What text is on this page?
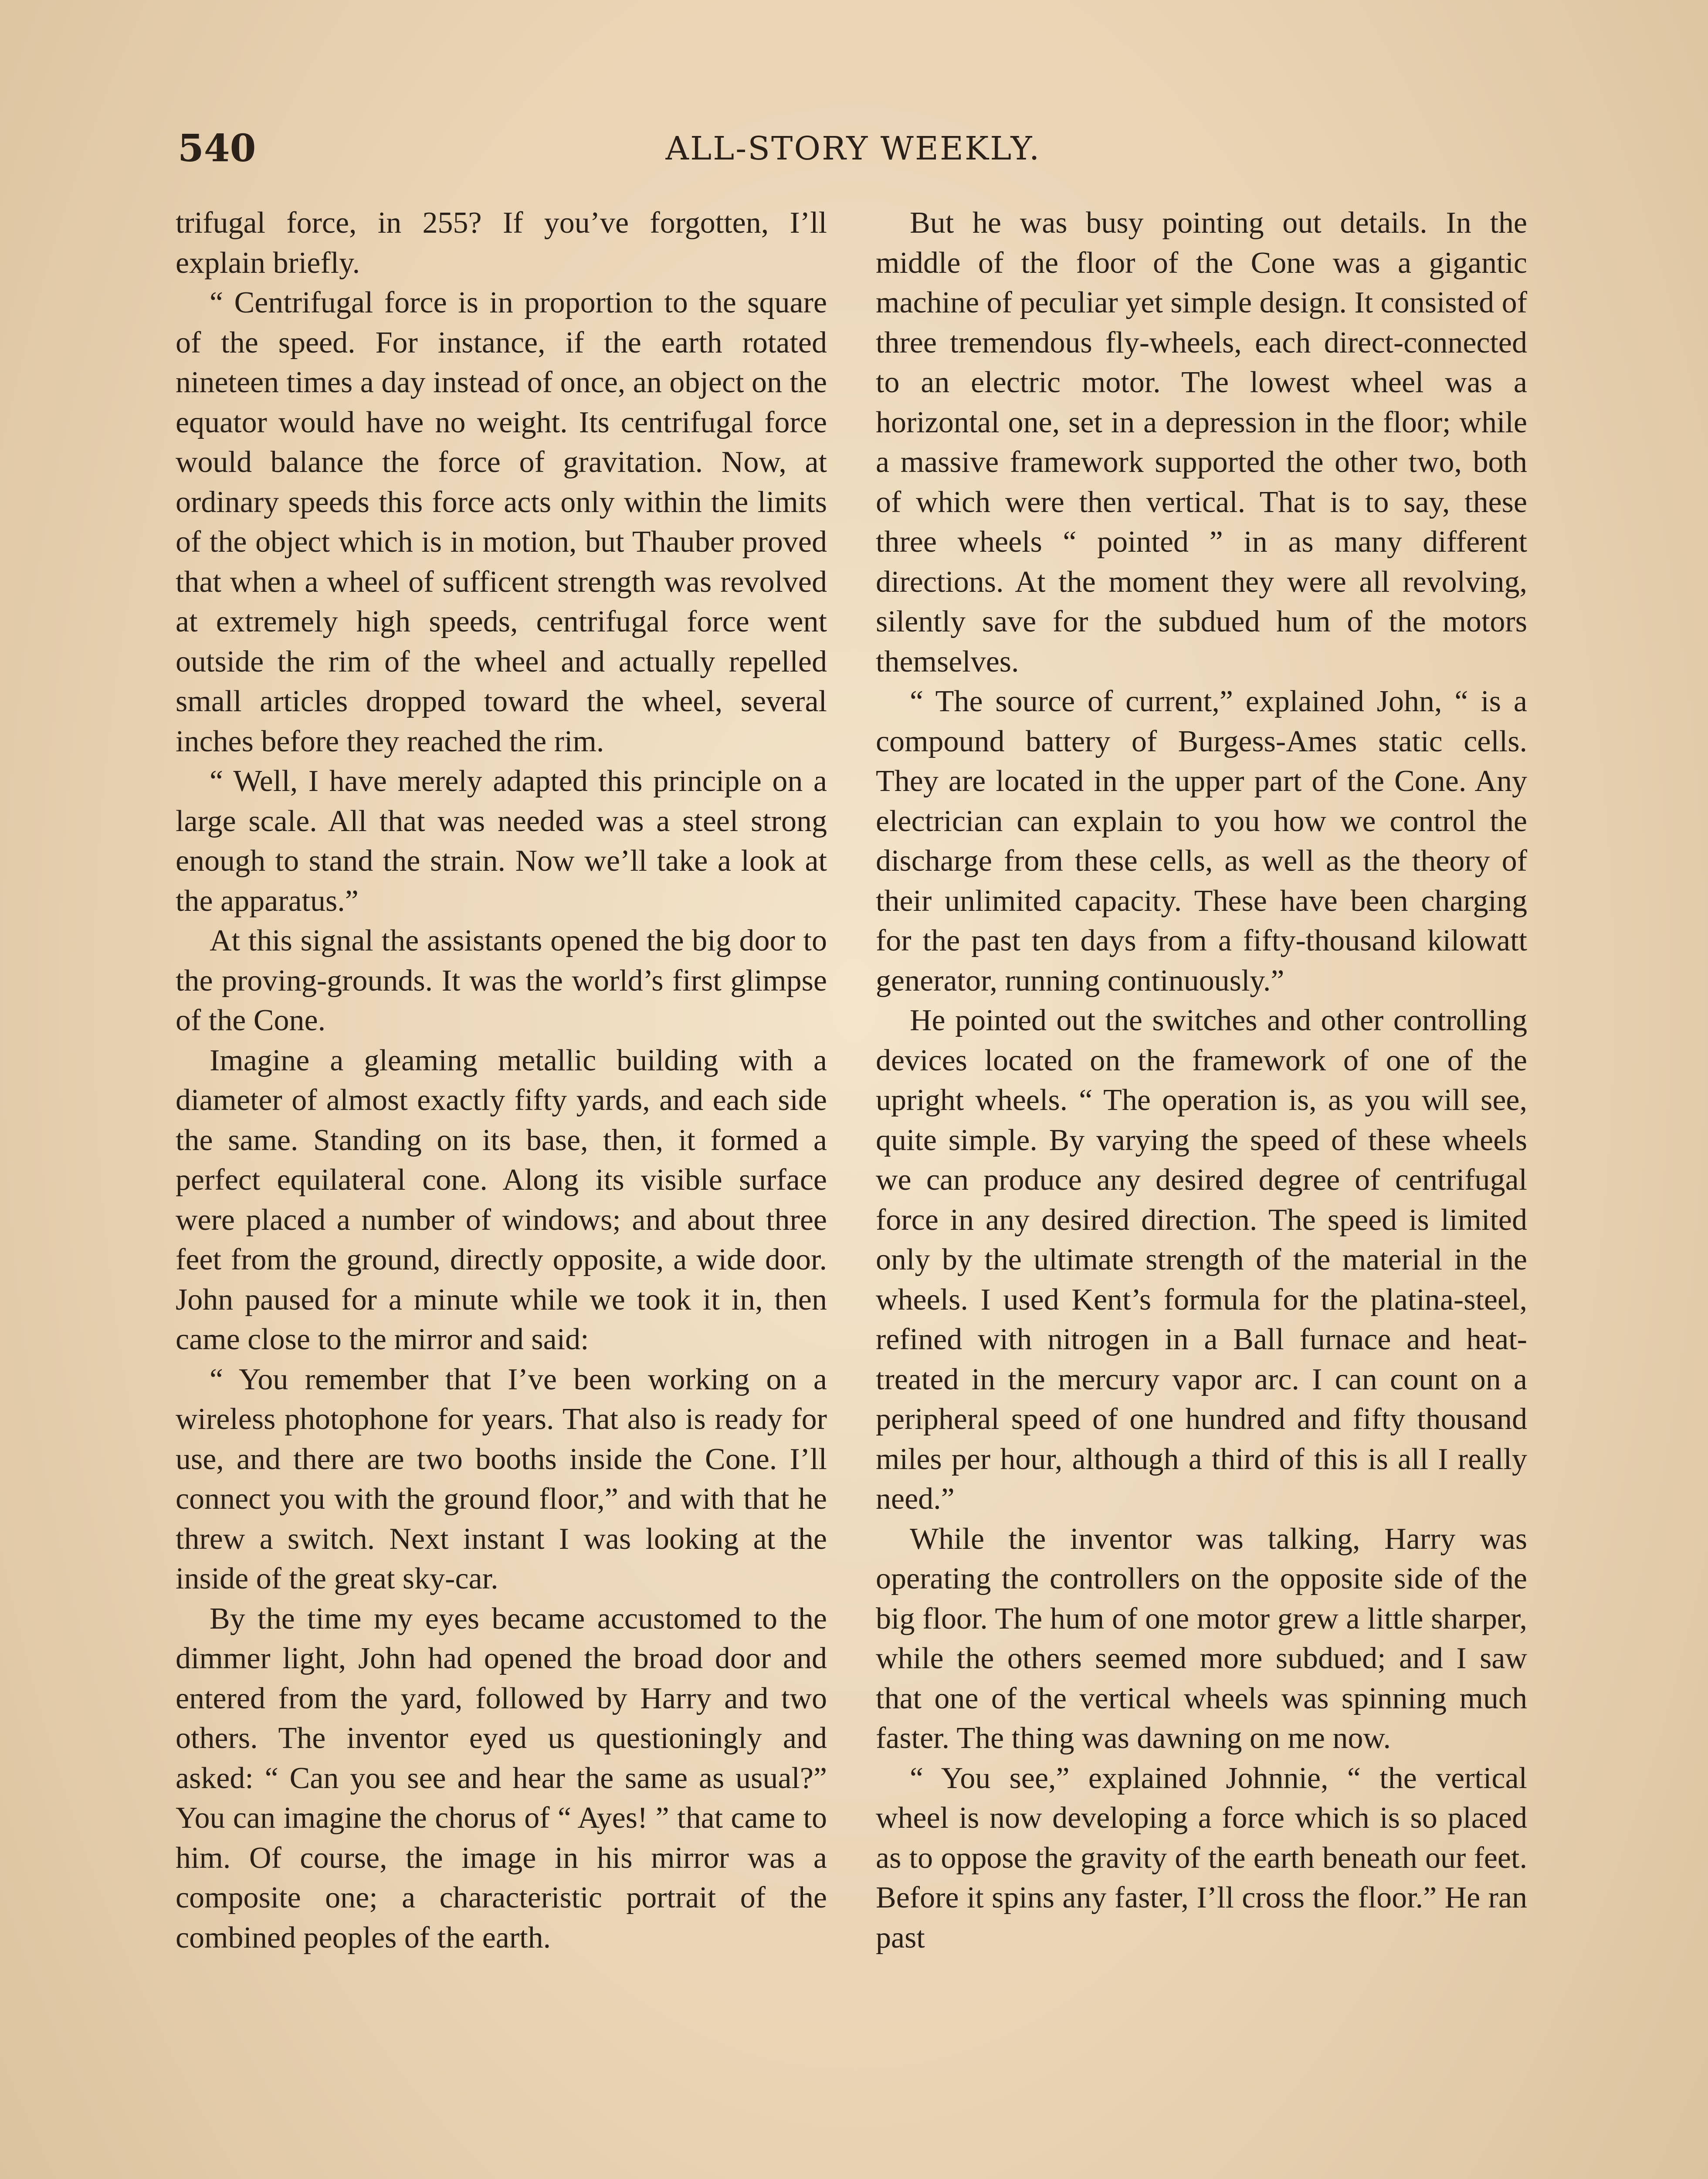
540	ALL-STORY WEEKLY.

trifugal force, in 255? If you’ve forgotten, I’ll explain briefly.

“ Centrifugal force is in proportion to the square of the speed. For instance, if the earth rotated nineteen times a day instead of once, an object on the equator would have no weight. Its centrifugal force would balance the force of gravitation. Now, at ordinary speeds this force acts only within the limits of the object which is in motion, but Thauber proved that when a wheel of sufficent strength was revolved at extremely high speeds, centrifugal force went outside the rim of the wheel and actually repelled small articles dropped toward the wheel, several inches before they reached the rim.

“ Well, I have merely adapted this principle on a large scale. All that was needed was a steel strong enough to stand the strain. Now we’ll take a look at the apparatus.”

At this signal the assistants opened the big door to the proving-grounds. It was the world’s first glimpse of the Cone.

Imagine a gleaming metallic building with a diameter of almost exactly fifty yards, and each side the same. Standing on its base, then, it formed a perfect equilateral cone. Along its visible surface were placed a number of windows; and about three feet from the ground, directly opposite, a wide door. John paused for a minute while we took it in, then came close to the mirror and said:

“ You remember that I’ve been working on a wireless photophone for years. That also is ready for use, and there are two booths inside the Cone. I’ll connect you with the ground floor,” and with that he threw a switch. Next instant I was looking at the inside of the great sky-car.

By the time my eyes became accustomed to the dimmer light, John had opened the broad door and entered from the yard, followed by Harry and two others. The inventor eyed us questioningly and asked: “ Can you see and hear the same as usual?” You can imagine the chorus of “ Ayes! ” that came to him. Of course, the image in his mirror was a composite one; a characteristic portrait of the combined peoples of the earth.

But he was busy pointing out details. In the middle of the floor of the Cone was a gigantic machine of peculiar yet simple design. It consisted of three tremendous fly-wheels, each direct-connected to an electric motor. The lowest wheel was a horizontal one, set in a depression in the floor; while a massive framework supported the other two, both of which were then vertical. That is to say, these three wheels “ pointed ” in as many different directions. At the moment they were all revolving, silently save for the subdued hum of the motors themselves.

“ The source of current,” explained John, “ is a compound battery of Burgess-Ames static cells. They are located in the upper part of the Cone. Any electrician can explain to you how we control the discharge from these cells, as well as the theory of their unlimited capacity. These have been charging for the past ten days from a fifty-thousand kilowatt generator, running continuously.”

He pointed out the switches and other controlling devices located on the framework of one of the upright wheels. “ The operation is, as you will see, quite simple. By varying the speed of these wheels we can produce any desired degree of centrifugal force in any desired direction. The speed is limited only by the ultimate strength of the material in the wheels. I used Kent’s formula for the platina-steel, refined with nitrogen in a Ball furnace and heat-treated in the mercury vapor arc. I can count on a peripheral speed of one hundred and fifty thousand miles per hour, although a third of this is all I really need.”

While the inventor was talking, Harry was operating the controllers on the opposite side of the big floor. The hum of one motor grew a little sharper, while the others seemed more subdued; and I saw that one of the vertical wheels was spinning much faster. The thing was dawning on me now.

“ You see,” explained Johnnie, “ the vertical wheel is now developing a force which is so placed as to oppose the gravity of the earth beneath our feet. Before it spins any faster, I’ll cross the floor.” He ran past
